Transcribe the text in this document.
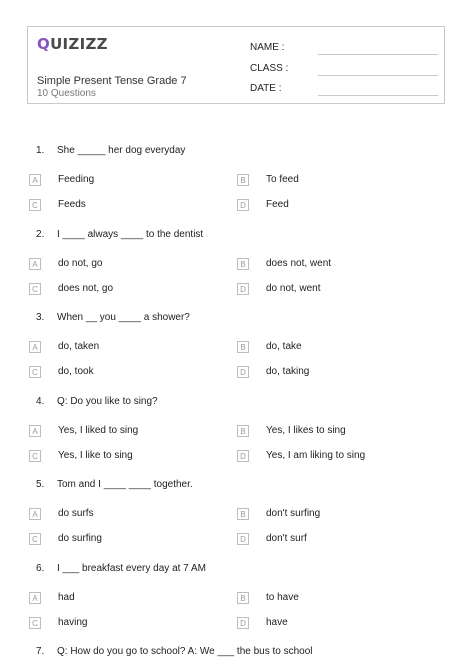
QUIZIZZ
Simple Present Tense Grade 7
10 Questions
NAME :
CLASS :
DATE :
1.	She _____ her dog everyday
A	Feeding	B	To feed
C	Feeds	D	Feed
2.	I ____ always ____ to the dentist
A	do not, go	B	does not, went
C	does not, go	D	do not, went
3.	When __ you ____ a shower?
A	do, taken	B	do, take
C	do, took	D	do, taking
4.	Q: Do you like to sing?
A	Yes, I liked to sing	B	Yes, I likes to sing
C	Yes, I like to sing	D	Yes, I am liking to sing
5.	Tom and I ____ ____ together.
A	do surfs	B	don't surfing
C	do surfing	D	don't surf
6.	I ___ breakfast every day at 7 AM
A	had	B	to have
C	having	D	have
7.	Q: How do you go to school? A: We ___ the bus to school
